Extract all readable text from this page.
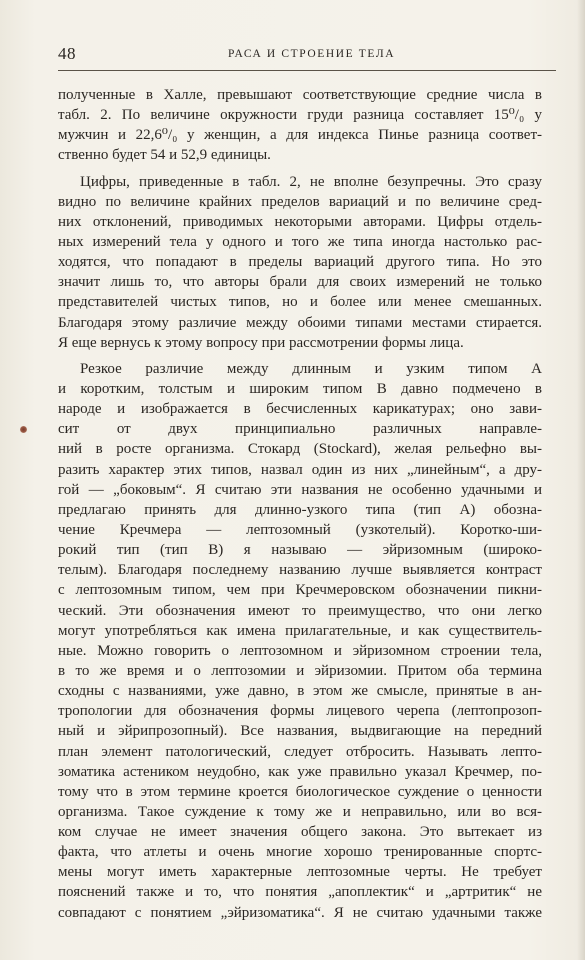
48	РАСА И СТРОЕНИЕ ТЕЛА
полученные в Халле, превышают соответствующие средние числа в
табл. 2. По величине окружности груди разница составляет 15⁰/₀ у
мужчин и 22,6⁰/₀ у женщин, а для индекса Пинье разница соответ-
ственно будет 54 и 52,9 единицы.
Цифры, приведенные в табл. 2, не вполне безупречны. Это сразу
видно по величине крайних пределов вариаций и по величине сред-
них отклонений, приводимых некоторыми авторами. Цифры отдель-
ных измерений тела у одного и того же типа иногда настолько рас-
ходятся, что попадают в пределы вариаций другого типа. Но это
значит лишь то, что авторы брали для своих измерений не только
представителей чистых типов, но и более или менее смешанных.
Благодаря этому различие между обоими типами местами стирается.
Я еще вернусь к этому вопросу при рассмотрении формы лица.
Резкое различие между длинным и узким типом А
и коротким, толстым и широким типом В давно подмечено в
народе и изображается в бесчисленных карикатурах; оно зави-
сит от двух принципиально различных направле-
ний в росте организма. Стокард (Stockard), желая рельефно вы-
разить характер этих типов, назвал один из них „линейным“, а дру-
гой — „боковым“. Я считаю эти названия не особенно удачными и
предлагаю принять для длинно-узкого типа (тип А) обозна-
чение Кречмера — лептозомный (узкотелый). Коротко-ши-
рокий тип (тип В) я называю — эйризомным (широко-
телым). Благодаря последнему названию лучше выявляется контраст
с лептозомным типом, чем при Кречмеровском обозначении пикни-
ческий. Эти обозначения имеют то преимущество, что они легко
могут употребляться как имена прилагательные, и как существитель-
ные. Можно говорить о лептозомном и эйризомном строении тела,
в то же время и о лептозомии и эйризомии. Притом оба термина
сходны с названиями, уже давно, в этом же смысле, принятые в ан-
тропологии для обозначения формы лицевого черепа (лептопрозоп-
ный и эйрипрозопный). Все названия, выдвигающие на передний
план элемент патологический, следует отбросить. Называть лепто-
зоматика астеником неудобно, как уже правильно указал Кречмер, по-
тому что в этом термине кроется биологическое суждение о ценности
организма. Такое суждение к тому же и неправильно, или во вся-
ком случае не имеет значения общего закона. Это вытекает из
факта, что атлеты и очень многие хорошо тренированные спортс-
мены могут иметь характерные лептозомные черты. Не требует
пояснений также и то, что понятия „апоплектик“ и „артритик“ не
совпадают с понятием „эйризоматика“. Я не считаю удачными также
